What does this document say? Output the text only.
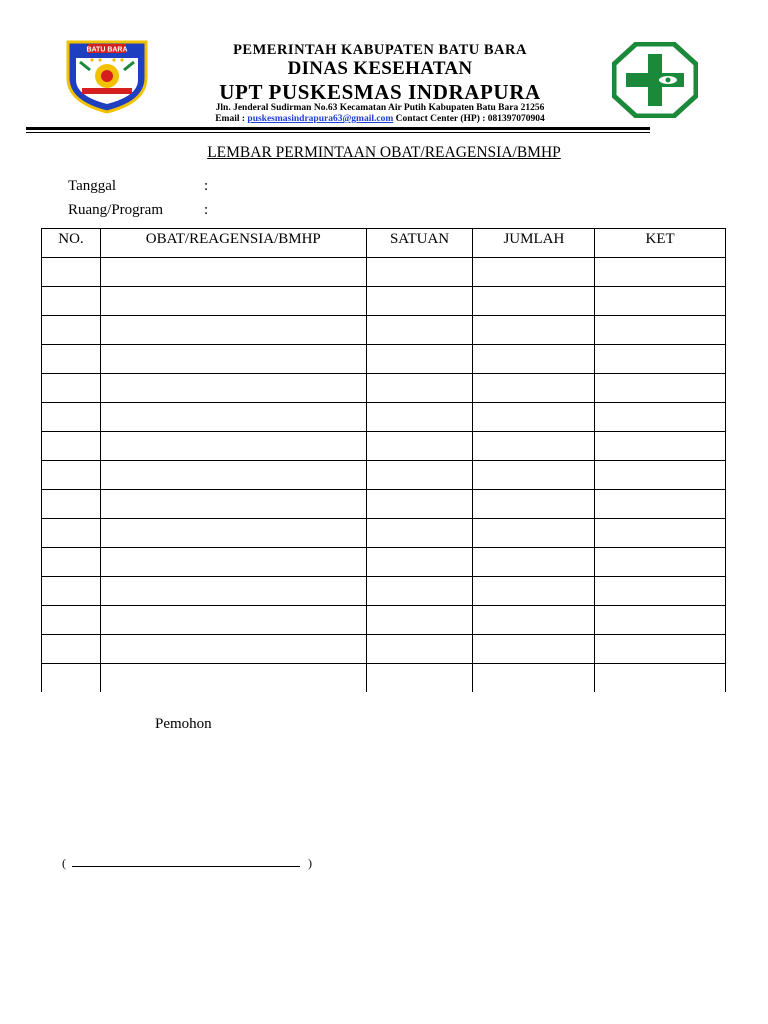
BATU BARA	PEMERINTAH KABUPATEN BATU BARA
DINAS KESEHATAN
UPT PUSKESMAS INDRAPURA
Jln. Jenderal Sudirman No.63 Kecamatan Air Putih Kabupaten Batu Bara 21256
Email : puskesmasindrapura63@gmail.com Contact Center (HP) : 081397070904
LEMBAR PERMINTAAN OBAT/REAGENSIA/BMHP
Tanggal	:
Ruang/Program	:
NO.	OBAT/REAGENSIA/BMHP	SATUAN	JUMLAH	KET

Pemohon
(	)
